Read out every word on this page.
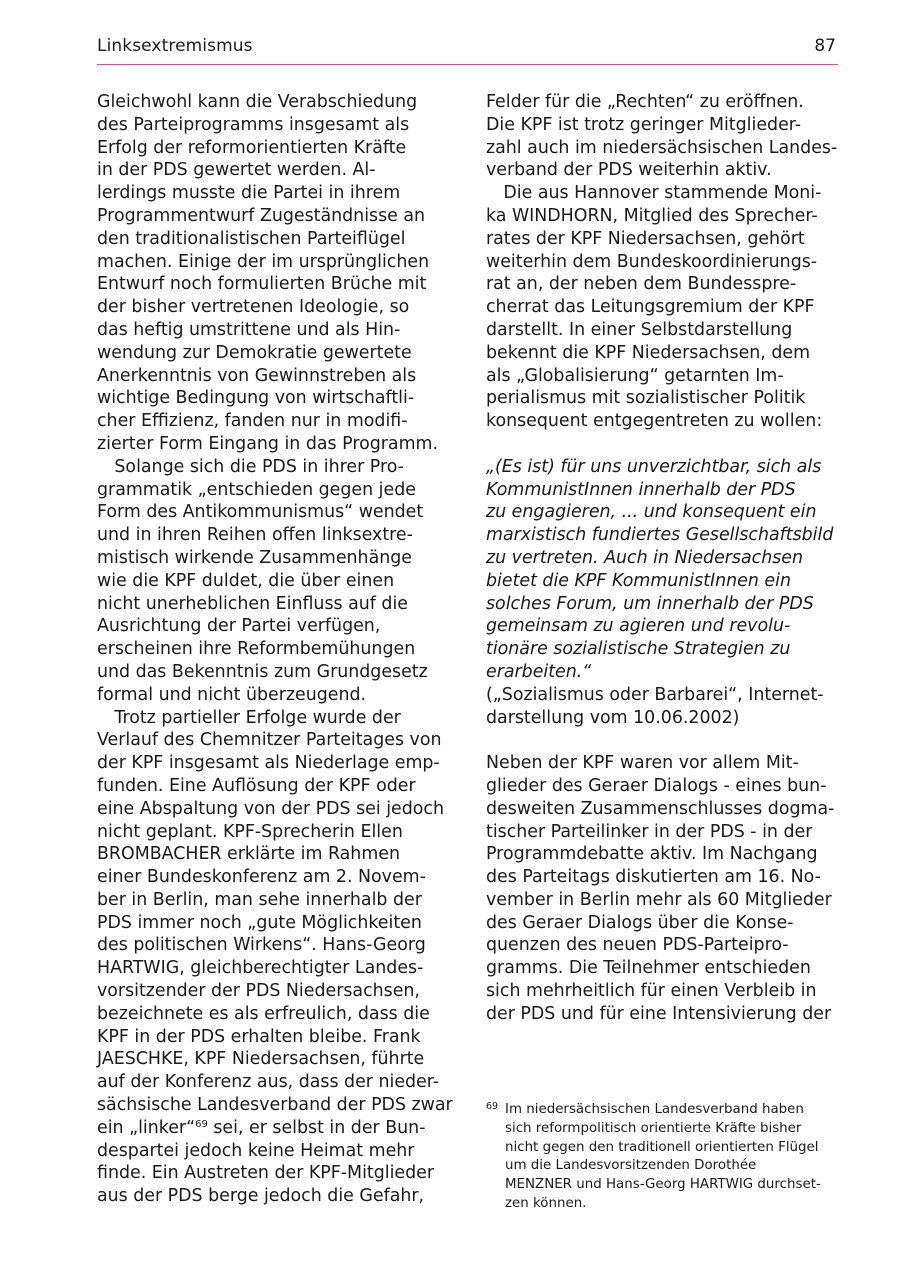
Linksextremismus	87
Gleichwohl kann die Verabschiedung
des Parteiprogramms insgesamt als
Erfolg der reformorientierten Kräfte
in der PDS gewertet werden. Al-
lerdings musste die Partei in ihrem
Programmentwurf Zugeständnisse an
den traditionalistischen Parteiflügel
machen. Einige der im ursprünglichen
Entwurf noch formulierten Brüche mit
der bisher vertretenen Ideologie, so
das heftig umstrittene und als Hin-
wendung zur Demokratie gewertete
Anerkenntnis von Gewinnstreben als
wichtige Bedingung von wirtschaftli-
cher Effizienz, fanden nur in modifi-
zierter Form Eingang in das Programm.
 Solange sich die PDS in ihrer Pro-
grammatik „entschieden gegen jede
Form des Antikommunismus“ wendet
und in ihren Reihen offen linksextre-
mistisch wirkende Zusammenhänge
wie die KPF duldet, die über einen
nicht unerheblichen Einfluss auf die
Ausrichtung der Partei verfügen,
erscheinen ihre Reformbemühungen
und das Bekenntnis zum Grundgesetz
formal und nicht überzeugend.
 Trotz partieller Erfolge wurde der
Verlauf des Chemnitzer Parteitages von
der KPF insgesamt als Niederlage emp-
funden. Eine Auflösung der KPF oder
eine Abspaltung von der PDS sei jedoch
nicht geplant. KPF-Sprecherin Ellen
BROMBACHER erklärte im Rahmen
einer Bundeskonferenz am 2. Novem-
ber in Berlin, man sehe innerhalb der
PDS immer noch „gute Möglichkeiten
des politischen Wirkens“. Hans-Georg
HARTWIG, gleichberechtigter Landes-
vorsitzender der PDS Niedersachsen,
bezeichnete es als erfreulich, dass die
KPF in der PDS erhalten bleibe. Frank
JAESCHKE, KPF Niedersachsen, führte
auf der Konferenz aus, dass der nieder-
sächsische Landesverband der PDS zwar
ein „linker“$^{69}$ sei, er selbst in der Bun-
despartei jedoch keine Heimat mehr
finde. Ein Austreten der KPF-Mitglieder
aus der PDS berge jedoch die Gefahr,
Felder für die „Rechten“ zu eröffnen.
Die KPF ist trotz geringer Mitglieder-
zahl auch im niedersächsischen Landes-
verband der PDS weiterhin aktiv.
 Die aus Hannover stammende Moni-
ka WINDHORN, Mitglied des Sprecher-
rates der KPF Niedersachsen, gehört
weiterhin dem Bundeskoordinierungs-
rat an, der neben dem Bundesspre-
cherrat das Leitungsgremium der KPF
darstellt. In einer Selbstdarstellung
bekennt die KPF Niedersachsen, dem
als „Globalisierung“ getarnten Im-
perialismus mit sozialistischer Politik
konsequent entgegentreten zu wollen:
„(Es ist) für uns unverzichtbar, sich als
KommunistInnen innerhalb der PDS
zu engagieren, ... und konsequent ein
marxistisch fundiertes Gesellschaftsbild
zu vertreten. Auch in Niedersachsen
bietet die KPF KommunistInnen ein
solches Forum, um innerhalb der PDS
gemeinsam zu agieren und revolu-
tionäre sozialistische Strategien zu
erarbeiten.“
(„Sozialismus oder Barbarei“, Internet-
darstellung vom 10.06.2002)
Neben der KPF waren vor allem Mit-
glieder des Geraer Dialogs - eines bun-
desweiten Zusammenschlusses dogma-
tischer Parteilinker in der PDS - in der
Programmdebatte aktiv. Im Nachgang
des Parteitags diskutierten am 16. No-
vember in Berlin mehr als 60 Mitglieder
des Geraer Dialogs über die Konse-
quenzen des neuen PDS-Parteipro-
gramms. Die Teilnehmer entschieden
sich mehrheitlich für einen Verbleib in
der PDS und für eine Intensivierung der
69 Im niedersächsischen Landesverband haben
sich reformpolitisch orientierte Kräfte bisher
nicht gegen den traditionell orientierten Flügel
um die Landesvorsitzenden Dorothée
MENZNER und Hans-Georg HARTWIG durchset-
zen können.
